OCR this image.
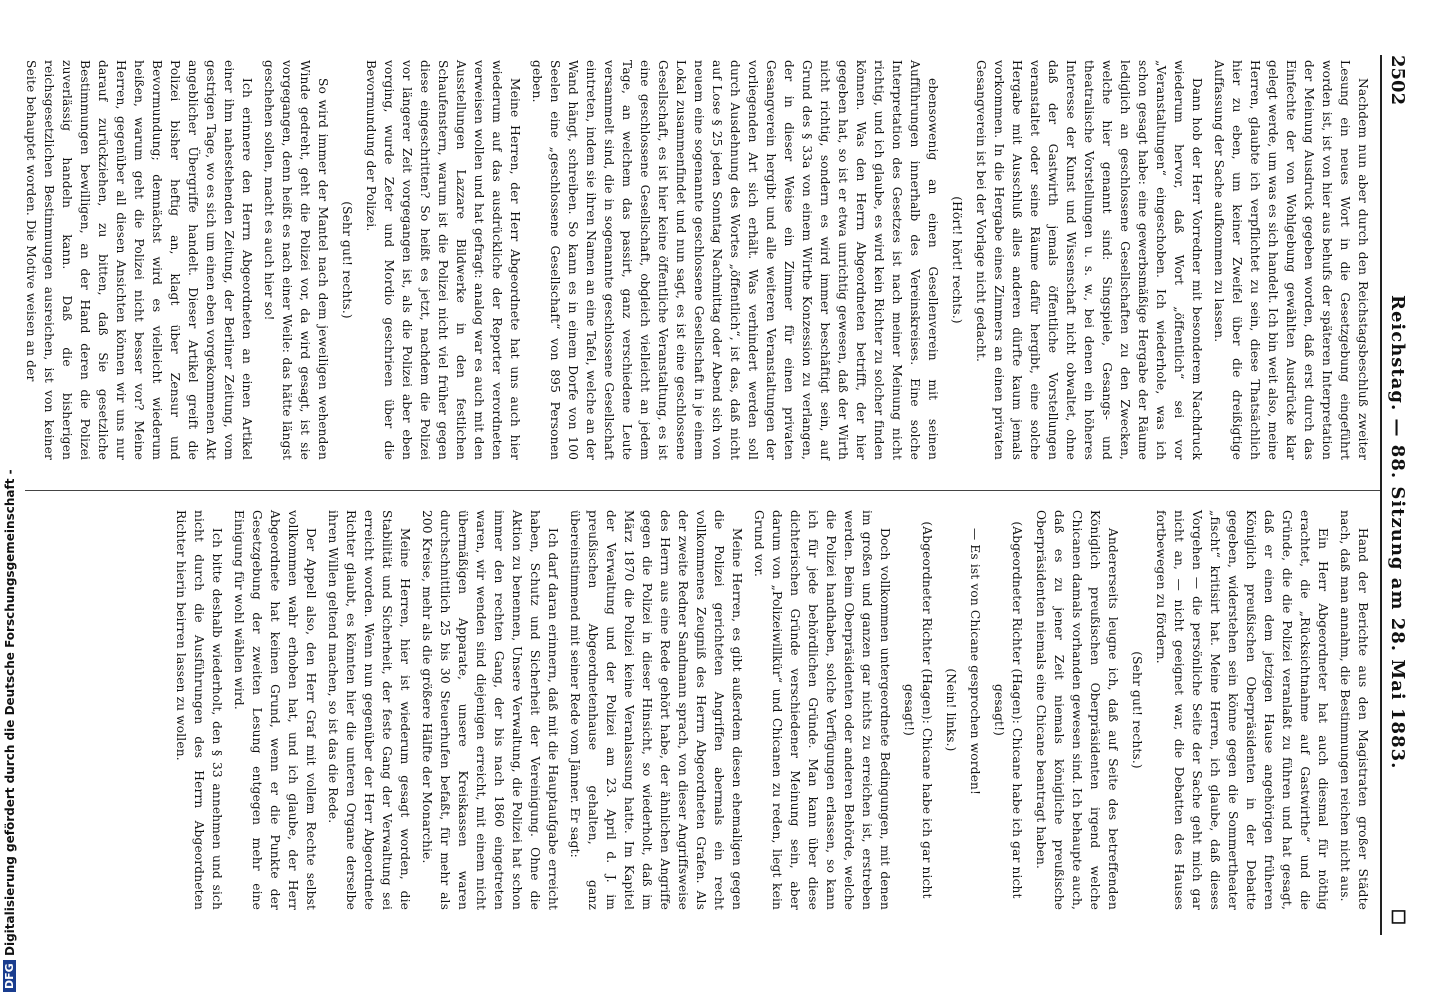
2502
Reichstag. — 88. Sitzung am 28. Mai 1883.
☐

Nachdem nun aber durch den Reichstagsbeschluß zweiter Lesung ein neues Wort in die Gesetzgebung eingeführt worden ist, ist von hier aus behufs der späteren Interpretation der Meinung Ausdruck gegeben worden, daß erst durch das Einfechte der von Wohlgebung gewählten Ausdrücke klar gelegt werde, um was es sich handelt. Ich bin weit also, meine Herren, glaubte ich verpflichtet zu sein, diese Thatsächlich hier zu eben, um keiner Zweifel über die dreißigtige Auffassung der Sache aufkommen zu lassen.

Dann hob der Herr Vorredner mit besonderem Nachdruck wiederum hervor, daß Wort „öffentlich“ sei vor „Veranstaltungen“ eingeschoben. Ich wiederhole, was ich schon gesagt habe: eine gewerbsmäßige Hergabe der Räume lediglich an geschlossene Gesellschaften zu den Zwecken, welche hier genannt sind: Singspiele, Gesangs- und theatralische Vorstellungen u. s. w., bei denen ein höheres Interesse der Kunst und Wissenschaft nicht obwaltet, ohne daß der Gastwirth jemals öffentliche Vorstellungen veranstaltet oder seine Räume dafür hergibt, eine solche Hergabe mit Ausschluß alles anderen dürfte kaum jemals vorkommen. In die Hergabe eines Zimmers an einen privaten Gesangverein ist bei der Vorlage nicht gedacht.

(Hört! hört! rechts.)

ebensowenig an einen Gesellenverein mit seinen Aufführungen innerhalb des Vereinskreises. Eine solche Interpretation des Gesetzes ist nach meiner Meinung nicht richtig, und ich glaube, es wird kein Richter zu solcher finden können. Was den Herrn Abgeordneten betrifft, der hier gegeben hat, so ist er etwa unrichtig gewesen, daß der Wirth nicht richtig, sondern es wird immer beschäftigt sein, auf Grund des § 33a von einem Wirthe Konzession zu verlangen, der in dieser Weise ein Zimmer für einen privaten Gesangverein hergibt und alle weiteren Veranstaltungen der vorliegenden Art sich erhält. Was verhindert werden soll durch Ausdehnung des Wortes „öffentlich“, ist das, daß nicht auf Lose § 25 jeden Sonntag Nachmittag oder Abend sich von neuem eine sogenannte geschlossene Gesellschaft in je einem Lokal zusammenfindet und nun sagt, es ist eine geschlossene Gesellschaft, es ist hier keine öffentliche Veranstaltung, es ist eine geschlossene Gesellschaft, obgleich vielleicht an jedem Tage, an welchem das passirt, ganz verschiedene Leute versammelt sind, die in sogenannte geschlossene Gesellschaft eintreten, indem sie ihren Namen an eine Tafel, welche an der Wand hängt, schreiben. So kann es in einem Dorfe von 100 Seelen eine „geschlossene Gesellschaft“ von 895 Personen geben.

Meine Herren, der Herr Abgeordnete hat uns auch hier wiederum auf das ausdrückliche der Reporter verordneten verweisen wollen und hat gefragt: analog war es auch mit den Ausstellungen Lazzare Bildwerke in den festlichen Schaufenstern, warum ist die Polizei nicht viel früher gegen diese eingeschritten? So heißt es jetzt, nachdem die Polizei vor längerer Zeit vorgegangen ist, als die Polizei aber eben vorging, wurde Zeter und Mordio geschrieen über die Bevormundung der Polizei.

(Sehr gut! rechts.)

So wird immer der Mantel nach dem jeweiligen wehenden Winde gedreht, geht die Polizei vor, da wird gesagt, ist sie vorgegangen, denn heißt es nach einer Weile: das hätte längst geschehen sollen, macht es auch hier so!

Ich erinnere den Herrn Abgeordneten an einen Artikel einer ihm nahestehenden Zeitung, der Berliner Zeitung, vom gestrigen Tage, wo es sich um einen eben vorgekommenen Akt angeblicher Übergriffe handelt. Dieser Artikel greift die Polizei bisher heftig an, klagt über Zensur und Bevormundung; demnächst wird es vielleicht wiederum heißen, warum geht die Polizei nicht besser vor? Meine Herren, gegenüber all diesen Ansichten können wir uns nur darauf zurückziehen, zu bitten, daß Sie gesetzliche Bestimmungen bewilligen, an der Hand deren die Polizei zuverlässig handeln kann. Daß die bisherigen reichsgesetzlichen Bestimmungen ausreichen, ist von keiner Seite behauptet worden. Die Motive weisen an der

Hand der Berichte aus den Magistraten großer Städte nach, daß man annahm, die Bestimmungen reichen nicht aus.

Ein Herr Abgeordneter hat auch diesmal für nöthig erachtet, die „Rücksichtnahme auf Gastwirthe“ und die Gründe, die die Polizei veranlaßt zu führen und hat gesagt, daß er einen dem jetzigen Hause angehörigen früheren Königlich preußischen Oberpräsidenten in der Debatte gegeben, widerstehen sein könne gegen die Sommertheater „fischt“ kritisirt hat. Meine Herren, ich glaube, daß dieses Vorgehen — die persönliche Seite der Sache geht mich gar nicht an, — nicht geeignet war, die Debatten des Hauses fortbewegen zu fördern.

(Sehr gut! rechts.)

Andererseits leugne ich, daß auf Seite des betreffenden Königlich preußischen Oberpräsidenten irgend welche Chicanen damals vorhanden gewesen sind. Ich behaupte auch, daß es zu jener Zeit niemals königliche preußische Oberpräsidenten niemals eine Chicane beantragt haben.

(Abgeordneter Richter (Hagen): Chicane habe ich gar nicht gesagt!)

— Es ist von Chicane gesprochen worden!

(Nein! links.)

(Abgeordneter Richter (Hagen): Chicane habe ich gar nicht gesagt!)

Doch vollkommen untergeordnete Bedingungen, mit denen im großen und ganzen gar nichts zu erreichen ist, erstreben werden. Beim Oberpräsidenten oder anderen Behörde, welche die Polizei handhaben, solche Verfügungen erlassen, so kann ich für jede behördlichen Gründe. Man kann über diese dichterischen Gründe verschiedener Meinung sein, aber darum von „Polizeiwillkür“ und Chicanen zu reden, liegt kein Grund vor.

Meine Herren, es gibt außerdem diesen ehemaligen gegen die Polizei gerichteten Angriffen abermals ein recht vollkommenes Zeugniß des Herrn Abgeordneten Grafen. Als der zweite Redner Sandmann sprach, von dieser Angriffsweise des Herrn aus eine Rede gehört habe, der ähnlichen Angriffe gegen die Polizei in dieser Hinsicht, so wiederholt, daß im März 1870 die Polizei keine Veranlassung hatte. Im Kapitel der Verwaltung und der Polizei am 23. April d. J. im preußischen Abgeordnetenhause gehalten, ganz übereinstimmend mit seiner Rede vom Jänner. Er sagt:

Ich darf daran erinnern, daß mit die Hauptaufgabe erreicht haben, Schutz und Sicherheit der Vereinigung. Ohne die Aktion zu benennen, Unsere Verwaltung, die Polizei hat schon immer den rechten Gang, der bis nach 1860 eingetreten waren, wir wenden sind diejenigen erreicht, mit einem nicht übermäßigen Apparate, unsere Kreiskassen waren durchschnittlich 25 bis 30 Steuerhufen befaßt, für mehr als 200 Kreise, mehr als die größere Hälfte der Monarchie.

Meine Herren, hier ist wiederum gesagt worden, die Stabilität und Sicherheit, der feste Gang der Verwaltung sei erreicht worden. Wenn nun gegenüber der Herr Abgeordnete Richter glaubt, es könnten hier die unteren Organe derselbe ihren Willen geltend machen, so ist das die Rede.

Der Appell also, den Herr Graf mit vollem Rechte selbst vollkommen wahr erhoben hat, und ich glaube, der Herr Abgeordnete hat keinen Grund, wenn er die Punkte der Gesetzgebung der zweiten Lesung entgegen mehr eine Einigung für wohl wählen wird.

Ich bitte deshalb wiederholt, den § 33 annehmen und sich nicht durch die Ausführungen des Herrn Abgeordneten Richter hierin beirren lassen zu wollen.

DFG
Digitalisierung gefördert durch die Deutsche Forschungsgemeinschaft -
